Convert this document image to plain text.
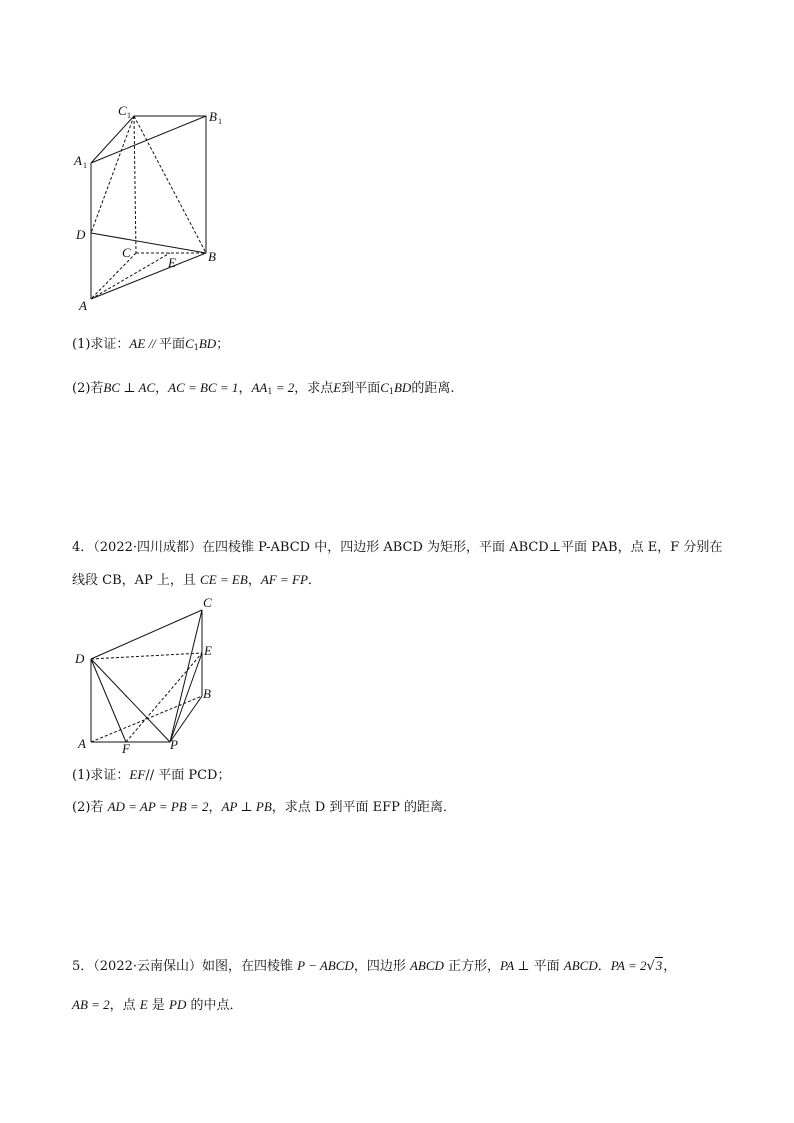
C 1	B 1
A 1
D
C
E B
A
(1)求证：AE // 平面$C_1BD$；
(2)若BC ⊥ AC，AC = BC = 1，$AA_1 = 2$，求点E到平面$C_1BD$的距离.
4．（2022·四川成都）在四棱锥 P-ABCD 中，四边形 ABCD 为矩形，平面 ABCD⊥平面 PAB，点 E，F 分别在
线段 CB，AP 上，且 CE = EB，AF = FP．
C
D
E
B
A	F	P
(1)求证：EF// 平面 PCD；
(2)若 AD = AP = PB = 2，AP ⊥ PB，求点 D 到平面 EFP 的距离．
5．（2022·云南保山）如图，在四棱锥 P − ABCD，四边形 ABCD 正方形，PA ⊥ 平面 ABCD．PA = 2√3，
AB = 2，点 E 是 PD 的中点．
